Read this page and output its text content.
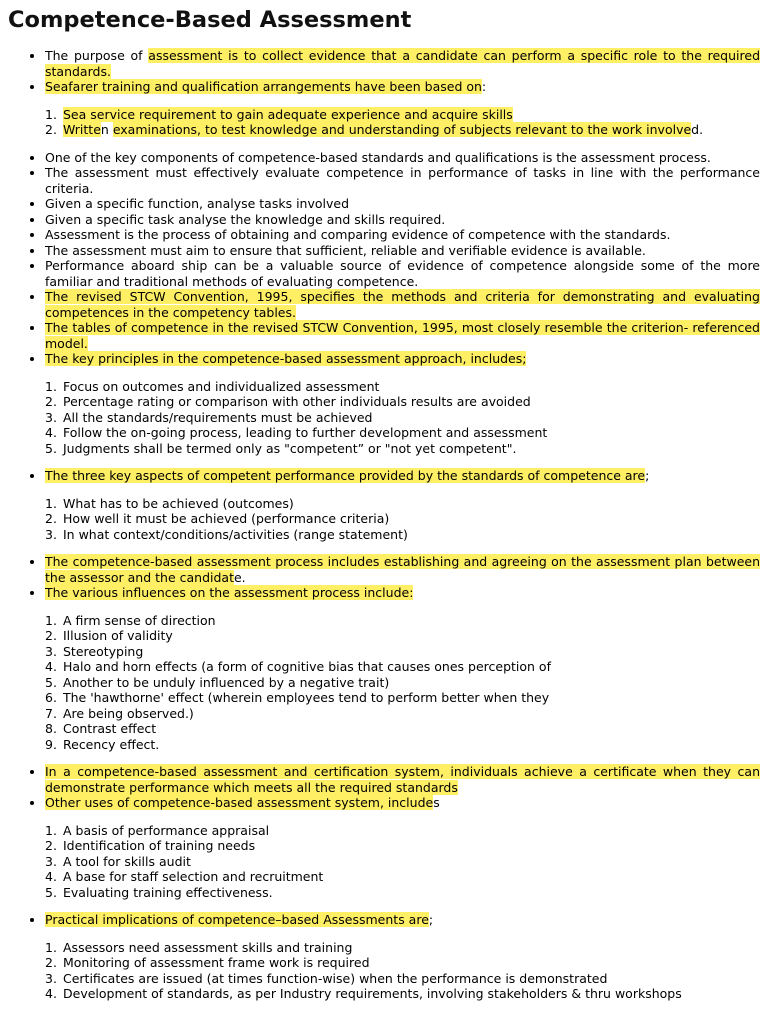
Competence-Based Assessment
• The purpose of assessment is to collect evidence that a candidate can perform a specific role to the required standards.
• Seafarer training and qualification arrangements have been based on:
1. Sea service requirement to gain adequate experience and acquire skills
2. Written examinations, to test knowledge and understanding of subjects relevant to the work involved.
• One of the key components of competence-based standards and qualifications is the assessment process.
• The assessment must effectively evaluate competence in performance of tasks in line with the performance criteria.
• Given a specific function, analyse tasks involved
• Given a specific task analyse the knowledge and skills required.
• Assessment is the process of obtaining and comparing evidence of competence with the standards.
• The assessment must aim to ensure that sufficient, reliable and verifiable evidence is available.
• Performance aboard ship can be a valuable source of evidence of competence alongside some of the more familiar and traditional methods of evaluating competence.
• The revised STCW Convention, 1995, specifies the methods and criteria for demonstrating and evaluating competences in the competency tables.
• The tables of competence in the revised STCW Convention, 1995, most closely resemble the criterion- referenced model.
• The key principles in the competence-based assessment approach, includes;
1. Focus on outcomes and individualized assessment
2. Percentage rating or comparison with other individuals results are avoided
3. All the standards/requirements must be achieved
4. Follow the on-going process, leading to further development and assessment
5. Judgments shall be termed only as "competent” or "not yet competent".
• The three key aspects of competent performance provided by the standards of competence are;
1. What has to be achieved (outcomes)
2. How well it must be achieved (performance criteria)
3. In what context/conditions/activities (range statement)
• The competence-based assessment process includes establishing and agreeing on the assessment plan between the assessor and the candidate.
• The various influences on the assessment process include:
1. A firm sense of direction
2. Illusion of validity
3. Stereotyping
4. Halo and horn effects (a form of cognitive bias that causes ones perception of
5. Another to be unduly influenced by a negative trait)
6. The 'hawthorne' effect (wherein employees tend to perform better when they
7. Are being observed.)
8. Contrast effect
9. Recency effect.
• In a competence-based assessment and certification system, individuals achieve a certificate when they can demonstrate performance which meets all the required standards
• Other uses of competence-based assessment system, includes
1. A basis of performance appraisal
2. Identification of training needs
3. A tool for skills audit
4. A base for staff selection and recruitment
5. Evaluating training effectiveness.
• Practical implications of competence–based Assessments are;
1. Assessors need assessment skills and training
2. Monitoring of assessment frame work is required
3. Certificates are issued (at times function-wise) when the performance is demonstrated
4. Development of standards, as per Industry requirements, involving stakeholders & thru workshops
